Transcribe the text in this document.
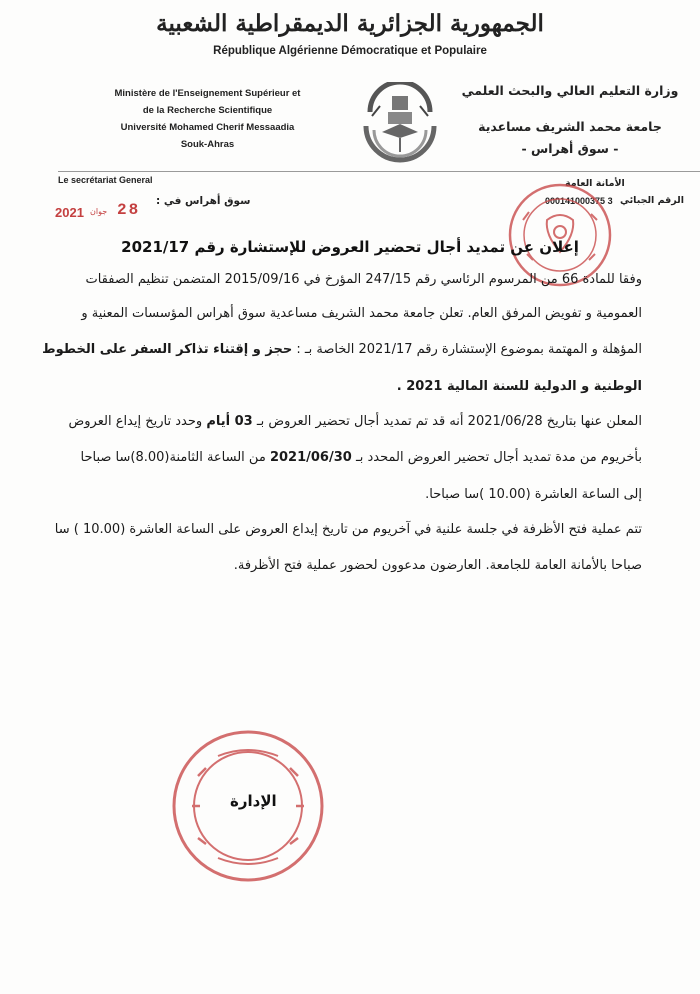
الجمهورية الجزائرية الديمقراطية الشعبية
République Algérienne Démocratique et Populaire
Ministère de l'Enseignement Supérieur et
de la Recherche Scientifique
Université Mohamed Cherif Messaadia
Souk-Ahras
وزارة التعليم العالي والبحث العلمي
جامعة محمد الشريف مساعدية
- سوق أهراس -
Le secrétariat General	الأمانة العامة
الرقم الجبائي
000141000375 3
سوق أهراس في :
28
جوان
2021
إعلان عن تمديد أجال تحضير العروض للإستشارة رقم 2021/17
وفقا للمادة 66 من المرسوم الرئاسي رقم 247/15 المؤرخ في 2015/09/16 المتضمن تنظيم الصفقات
العمومية و تفويض المرفق العام. تعلن جامعة محمد الشريف مساعدية سوق أهراس المؤسسات المعنية و
المؤهلة و المهتمة بموضوع الإستشارة رقم 2021/17 الخاصة بـ : حجز و إقتناء تذاكر السفر على الخطوط
الوطنية و الدولية للسنة المالية 2021 .
المعلن عنها بتاريخ 2021/06/28 أنه قد تم تمديد أجال تحضير العروض بـ 03 أيام وحدد تاريخ إيداع العروض
بأخريوم من مدة تمديد أجال تحضير العروض المحدد بـ 2021/06/30 من الساعة الثامنة(8.00)سا صباحا
إلى الساعة العاشرة (10.00 )سا صباحا.
تتم عملية فتح الأظرفة في جلسة علنية في آخريوم من تاريخ إيداع العروض على الساعة العاشرة (10.00 ) سا
صباحا بالأمانة العامة للجامعة. العارضون مدعوون لحضور عملية فتح الأظرفة.
الإدارة
